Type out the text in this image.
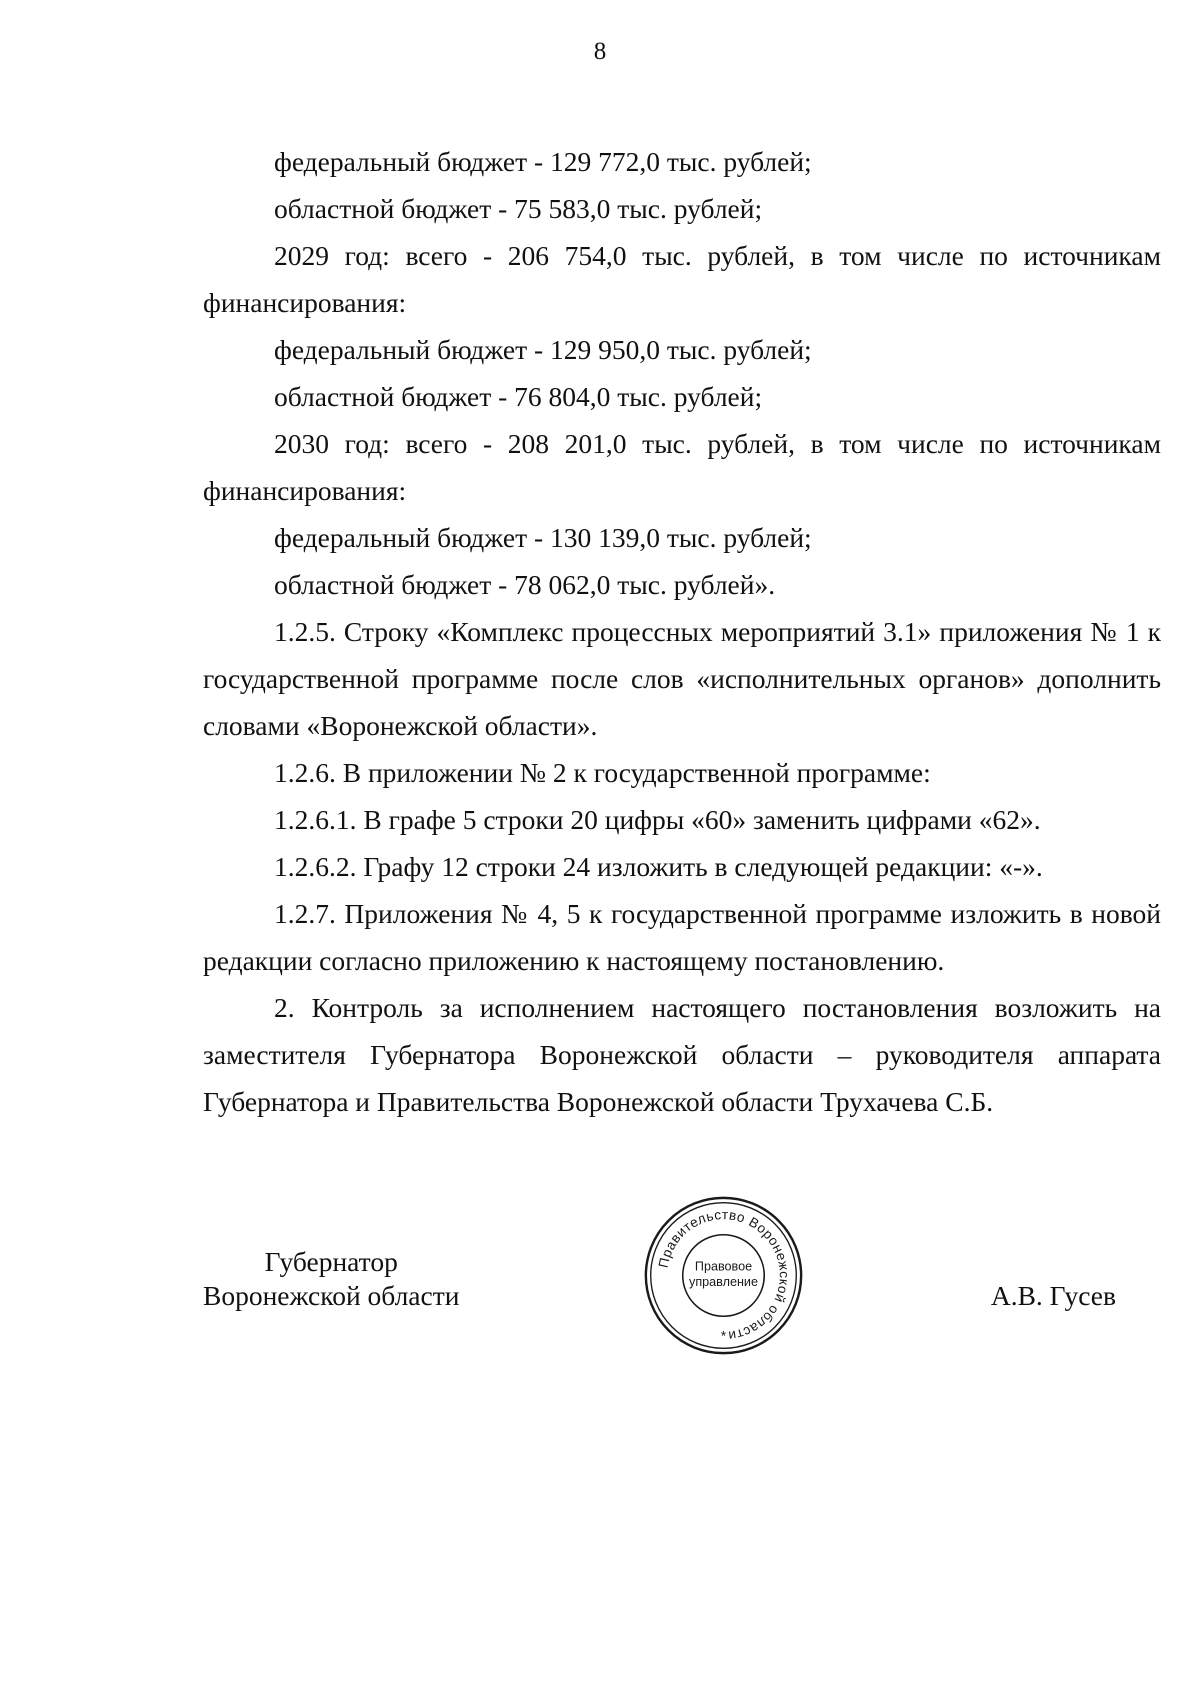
8

федеральный бюджет - 129 772,0 тыс. рублей;

областной бюджет - 75 583,0 тыс. рублей;

2029 год: всего - 206 754,0 тыс. рублей, в том числе по источникам финансирования:

федеральный бюджет - 129 950,0 тыс. рублей;

областной бюджет - 76 804,0 тыс. рублей;

2030 год: всего - 208 201,0 тыс. рублей, в том числе по источникам финансирования:

федеральный бюджет - 130 139,0 тыс. рублей;

областной бюджет - 78 062,0 тыс. рублей».

1.2.5. Строку «Комплекс процессных мероприятий 3.1» приложения № 1 к государственной программе после слов «исполнительных органов» дополнить словами «Воронежской области».

1.2.6. В приложении № 2 к государственной программе:

1.2.6.1. В графе 5 строки 20 цифры «60» заменить цифрами «62».

1.2.6.2. Графу 12 строки 24 изложить в следующей редакции: «-».

1.2.7. Приложения № 4, 5 к государственной программе изложить в новой редакции согласно приложению к настоящему постановлению.

2. Контроль за исполнением настоящего постановления возложить на заместителя Губернатора Воронежской области – руководителя аппарата Губернатора и Правительства Воронежской области Трухачева С.Б.

Губернатор
Воронежской области
Правительство Воронежской области
Правовое
управление
*
А.В. Гусев
